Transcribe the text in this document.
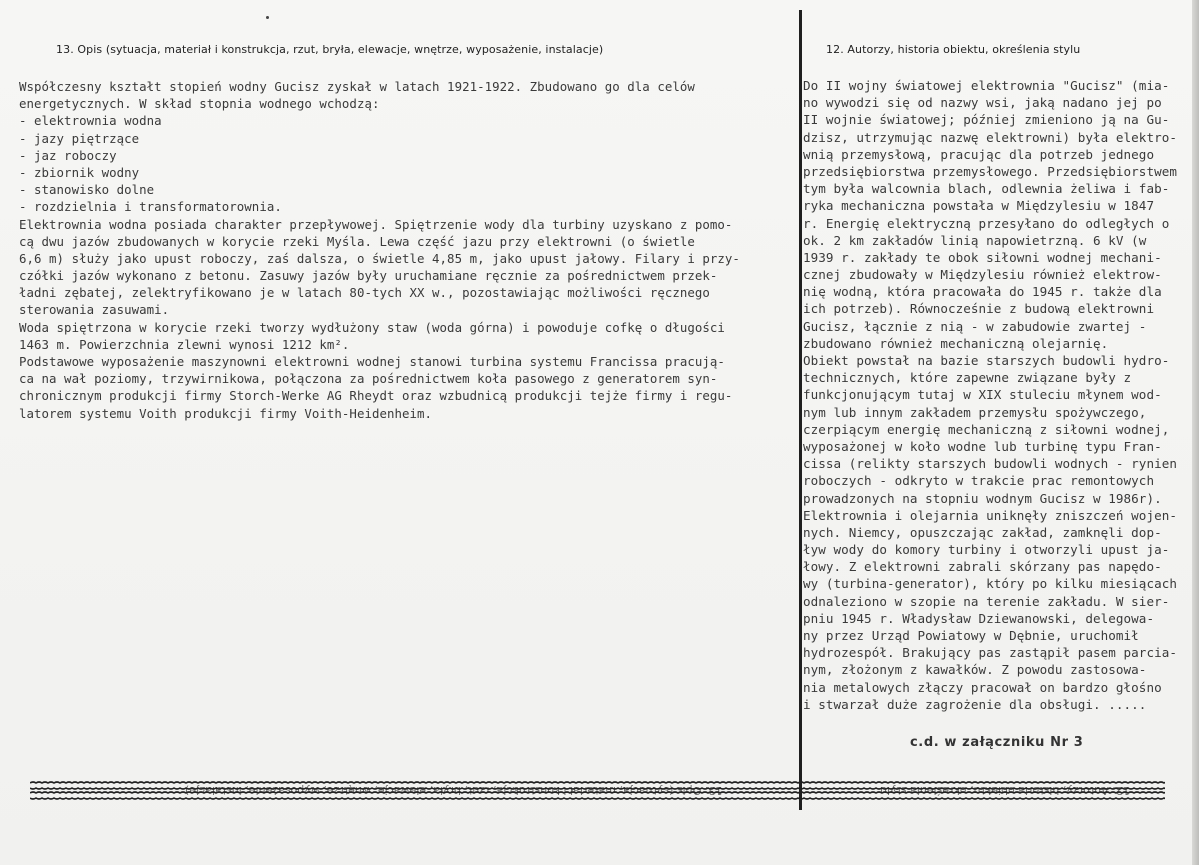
13. Opis (sytuacja, materiał i konstrukcja, rzut, bryła, elewacje, wnętrze, wyposażenie, instalacje)	12. Autorzy, historia obiektu, określenia stylu
Współczesny kształt stopień wodny Gucisz zyskał w latach 1921-1922. Zbudowano go dla celów
energetycznych. W skład stopnia wodnego wchodzą:
- elektrownia wodna
- jazy piętrzące
- jaz roboczy
- zbiornik wodny
- stanowisko dolne
- rozdzielnia i transformatorownia.
Elektrownia wodna posiada charakter przepływowej. Spiętrzenie wody dla turbiny uzyskano z pomo-
cą dwu jazów zbudowanych w korycie rzeki Myśla. Lewa część jazu przy elektrowni (o świetle
6,6 m) służy jako upust roboczy, zaś dalsza, o świetle 4,85 m, jako upust jałowy. Filary i przy-
czółki jazów wykonano z betonu. Zasuwy jazów były uruchamiane ręcznie za pośrednictwem przek-
ładni zębatej, zelektryfikowano je w latach 80-tych XX w., pozostawiając możliwości ręcznego
sterowania zasuwami.
Woda spiętrzona w korycie rzeki tworzy wydłużony staw (woda górna) i powoduje cofkę o długości
1463 m. Powierzchnia zlewni wynosi 1212 km².
Podstawowe wyposażenie maszynowni elektrowni wodnej stanowi turbina systemu Francissa pracują-
ca na wał poziomy, trzywirnikowa, połączona za pośrednictwem koła pasowego z generatorem syn-
chronicznym produkcji firmy Storch-Werke AG Rheydt oraz wzbudnicą produkcji tejże firmy i regu-
latorem systemu Voith produkcji firmy Voith-Heidenheim.
Do II wojny światowej elektrownia "Gucisz" (mia-
no wywodzi się od nazwy wsi, jaką nadano jej po
II wojnie światowej; później zmieniono ją na Gu-
dzisz, utrzymując nazwę elektrowni) była elektro-
wnią przemysłową, pracując dla potrzeb jednego
przedsiębiorstwa przemysłowego. Przedsiębiorstwem
tym była walcownia blach, odlewnia żeliwa i fab-
ryka mechaniczna powstała w Międzylesiu w 1847
r. Energię elektryczną przesyłano do odległych o
ok. 2 km zakładów linią napowietrzną. 6 kV (w
1939 r. zakłady te obok siłowni wodnej mechani-
cznej zbudowały w Międzylesiu również elektrow-
nię wodną, która pracowała do 1945 r. także dla
ich potrzeb). Równocześnie z budową elektrowni
Gucisz, łącznie z nią - w zabudowie zwartej -
zbudowano również mechaniczną olejarnię.
Obiekt powstał na bazie starszych budowli hydro-
technicznych, które zapewne związane były z
funkcjonującym tutaj w XIX stuleciu młynem wod-
nym lub innym zakładem przemysłu spożywczego,
czerpiącym energię mechaniczną z siłowni wodnej,
wyposażonej w koło wodne lub turbinę typu Fran-
cissa (relikty starszych budowli wodnych - rynien
roboczych - odkryto w trakcie prac remontowych
prowadzonych na stopniu wodnym Gucisz w 1986r).
Elektrownia i olejarnia uniknęły zniszczeń wojen-
nych. Niemcy, opuszczając zakład, zamknęli dop-
ływ wody do komory turbiny i otworzyli upust ja-
łowy. Z elektrowni zabrali skórzany pas napędo-
wy (turbina-generator), który po kilku miesiącach
odnaleziono w szopie na terenie zakładu. W sier-
pniu 1945 r. Władysław Dziewanowski, delegowa-
ny przez Urząd Powiatowy w Dębnie, uruchomił
hydrozespół. Brakujący pas zastąpił pasem parcia-
nym, złożonym z kawałków. Z powodu zastosowa-
nia metalowych złączy pracował on bardzo głośno
i stwarzał duże zagrożenie dla obsługi. .....
c.d. w załączniku Nr 3
13. Opis (sytuacja, materiał i konstrukcja, rzut, bryła, elewacje, wnętrze, wyposażenie, instalacje)	12. Autorzy, historia obiektu, określenia stylu
